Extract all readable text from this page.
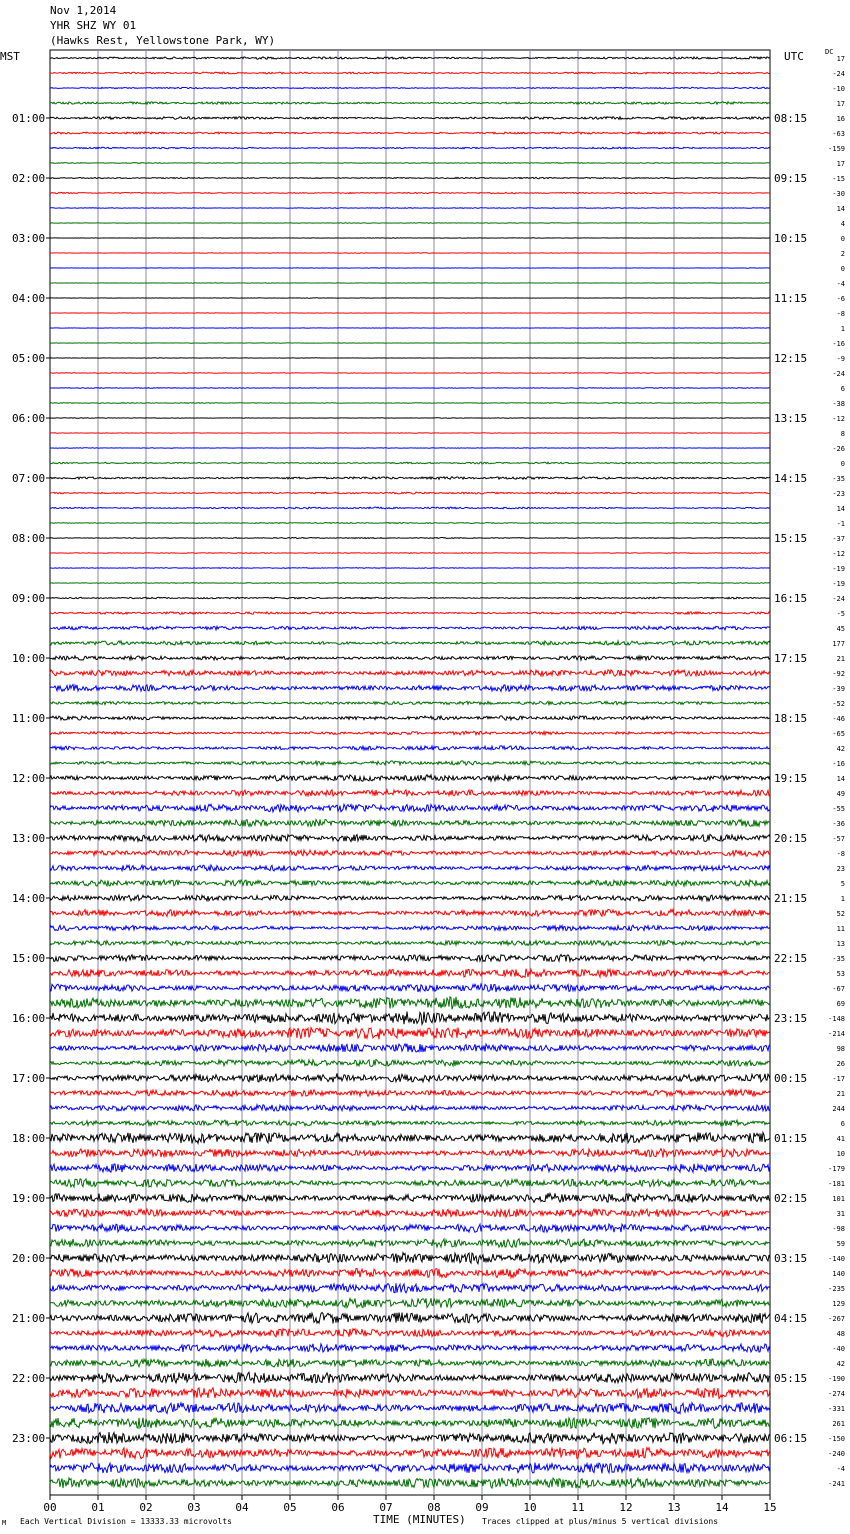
Nov 1,2014
YHR SHZ WY 01
(Hawks Rest, Yellowstone Park, WY)
01:00
02:00
03:00
04:00
05:00
06:00
07:00
08:00
09:00
10:00
11:00
12:00
13:00
14:00
15:00
16:00
17:00
18:00
19:00
20:00
21:00
22:00
23:00
08:15
09:15
10:15
11:15
12:15
13:15
14:15
15:15
16:15
17:15
18:15
19:15
20:15
21:15
22:15
23:15
00:15
01:15
02:15
03:15
04:15
05:15
06:15
17
-24
-10
17
16
-63
-159
17
-15
-30
14
4
0
2
0
-4
-6
-8
1
-16
-9
-24
6
-38
-12
8
-26
0
-35
-23
14
-1
-37
-12
-19
-19
-24
-5
45
177
21
-92
-39
-52
-46
-65
42
-16
14
49
-55
-36
-57
-8
23
5
1
52
11
13
-35
53
-67
69
-148
-214
98
26
-17
21
244
6
41
10
-179
-181
101
31
-98
59
-140
140
-235
129
-267
48
-40
42
-190
-274
-331
261
-150
-240
-4
-241
00	01	02	03	04	05	06	07	08	09	10	11	12	13	14	15
MST	UTC	DC
M Each Vertical Division = 13333.33 microvolts	TIME (MINUTES) Traces clipped at plus/minus 5 vertical divisions
